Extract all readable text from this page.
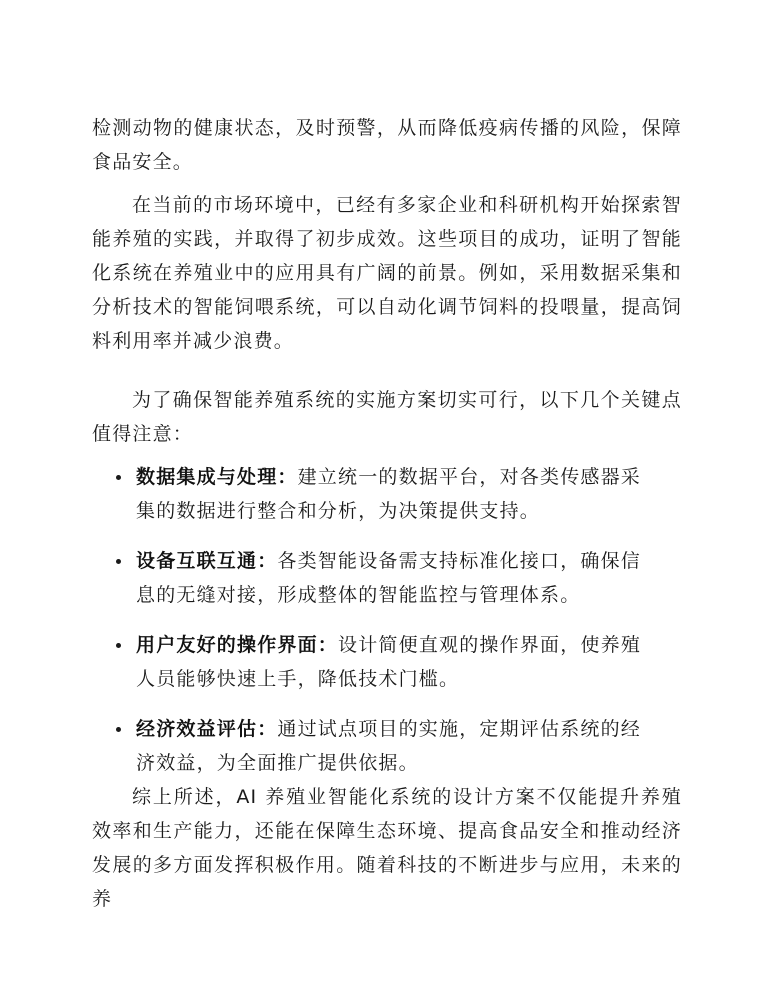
检测动物的健康状态，及时预警，从而降低疫病传播的风险，保障食品安全。

在当前的市场环境中，已经有多家企业和科研机构开始探索智能养殖的实践，并取得了初步成效。这些项目的成功，证明了智能化系统在养殖业中的应用具有广阔的前景。例如，采用数据采集和分析技术的智能饲喂系统，可以自动化调节饲料的投喂量，提高饲料利用率并减少浪费。

为了确保智能养殖系统的实施方案切实可行，以下几个关键点值得注意：

数据集成与处理：建立统一的数据平台，对各类传感器采集的数据进行整合和分析，为决策提供支持。
设备互联互通：各类智能设备需支持标准化接口，确保信息的无缝对接，形成整体的智能监控与管理体系。
用户友好的操作界面：设计简便直观的操作界面，使养殖人员能够快速上手，降低技术门槛。
经济效益评估：通过试点项目的实施，定期评估系统的经济效益，为全面推广提供依据。

综上所述，AI 养殖业智能化系统的设计方案不仅能提升养殖效率和生产能力，还能在保障生态环境、提高食品安全和推动经济发展的多方面发挥积极作用。随着科技的不断进步与应用，未来的养
